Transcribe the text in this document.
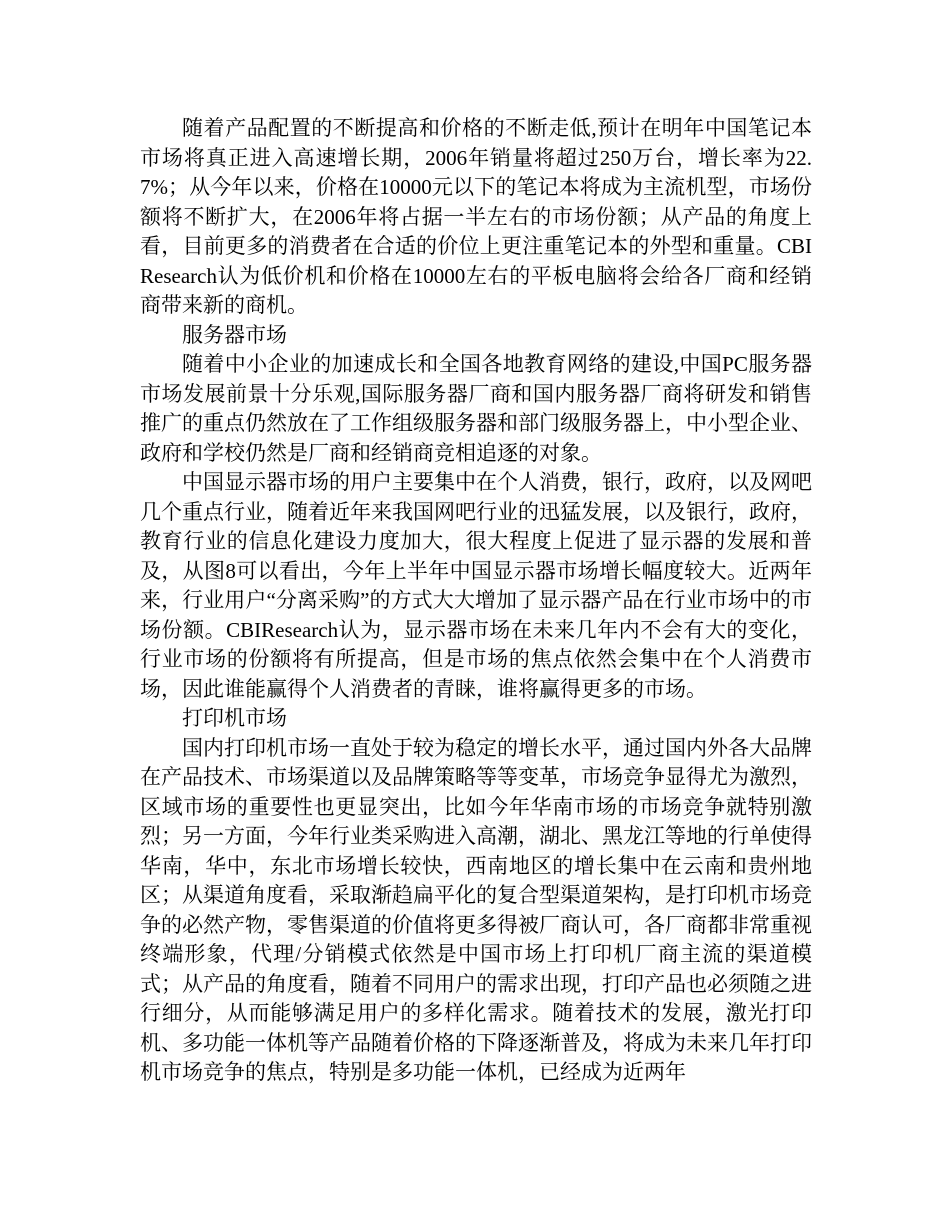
随着产品配置的不断提高和价格的不断走低,预计在明年中国笔记本市场将真正进入高速增长期，2006年销量将超过250万台，增长率为22.7%；从今年以来，价格在10000元以下的笔记本将成为主流机型，市场份额将不断扩大，在2006年将占据一半左右的市场份额；从产品的角度上看，目前更多的消费者在合适的价位上更注重笔记本的外型和重量。CBIResearch认为低价机和价格在10000左右的平板电脑将会给各厂商和经销商带来新的商机。

服务器市场

随着中小企业的加速成长和全国各地教育网络的建设,中国PC服务器市场发展前景十分乐观,国际服务器厂商和国内服务器厂商将研发和销售推广的重点仍然放在了工作组级服务器和部门级服务器上，中小型企业、政府和学校仍然是厂商和经销商竞相追逐的对象。

中国显示器市场的用户主要集中在个人消费，银行，政府，以及网吧几个重点行业，随着近年来我国网吧行业的迅猛发展，以及银行，政府，教育行业的信息化建设力度加大，很大程度上促进了显示器的发展和普及，从图8可以看出，今年上半年中国显示器市场增长幅度较大。近两年来，行业用户“分离采购”的方式大大增加了显示器产品在行业市场中的市场份额。CBIResearch认为，显示器市场在未来几年内不会有大的变化，行业市场的份额将有所提高，但是市场的焦点依然会集中在个人消费市场，因此谁能赢得个人消费者的青睐，谁将赢得更多的市场。

打印机市场

国内打印机市场一直处于较为稳定的增长水平，通过国内外各大品牌在产品技术、市场渠道以及品牌策略等等变革，市场竞争显得尤为激烈，区域市场的重要性也更显突出，比如今年华南市场的市场竞争就特别激烈；另一方面，今年行业类采购进入高潮，湖北、黑龙江等地的行单使得华南，华中，东北市场增长较快，西南地区的增长集中在云南和贵州地区；从渠道角度看，采取渐趋扁平化的复合型渠道架构，是打印机市场竞争的必然产物，零售渠道的价值将更多得被厂商认可，各厂商都非常重视终端形象，代理/分销模式依然是中国市场上打印机厂商主流的渠道模式；从产品的角度看，随着不同用户的需求出现，打印产品也必须随之进行细分，从而能够满足用户的多样化需求。随着技术的发展，激光打印机、多功能一体机等产品随着价格的下降逐渐普及，将成为未来几年打印机市场竞争的焦点，特别是多功能一体机，已经成为近两年
